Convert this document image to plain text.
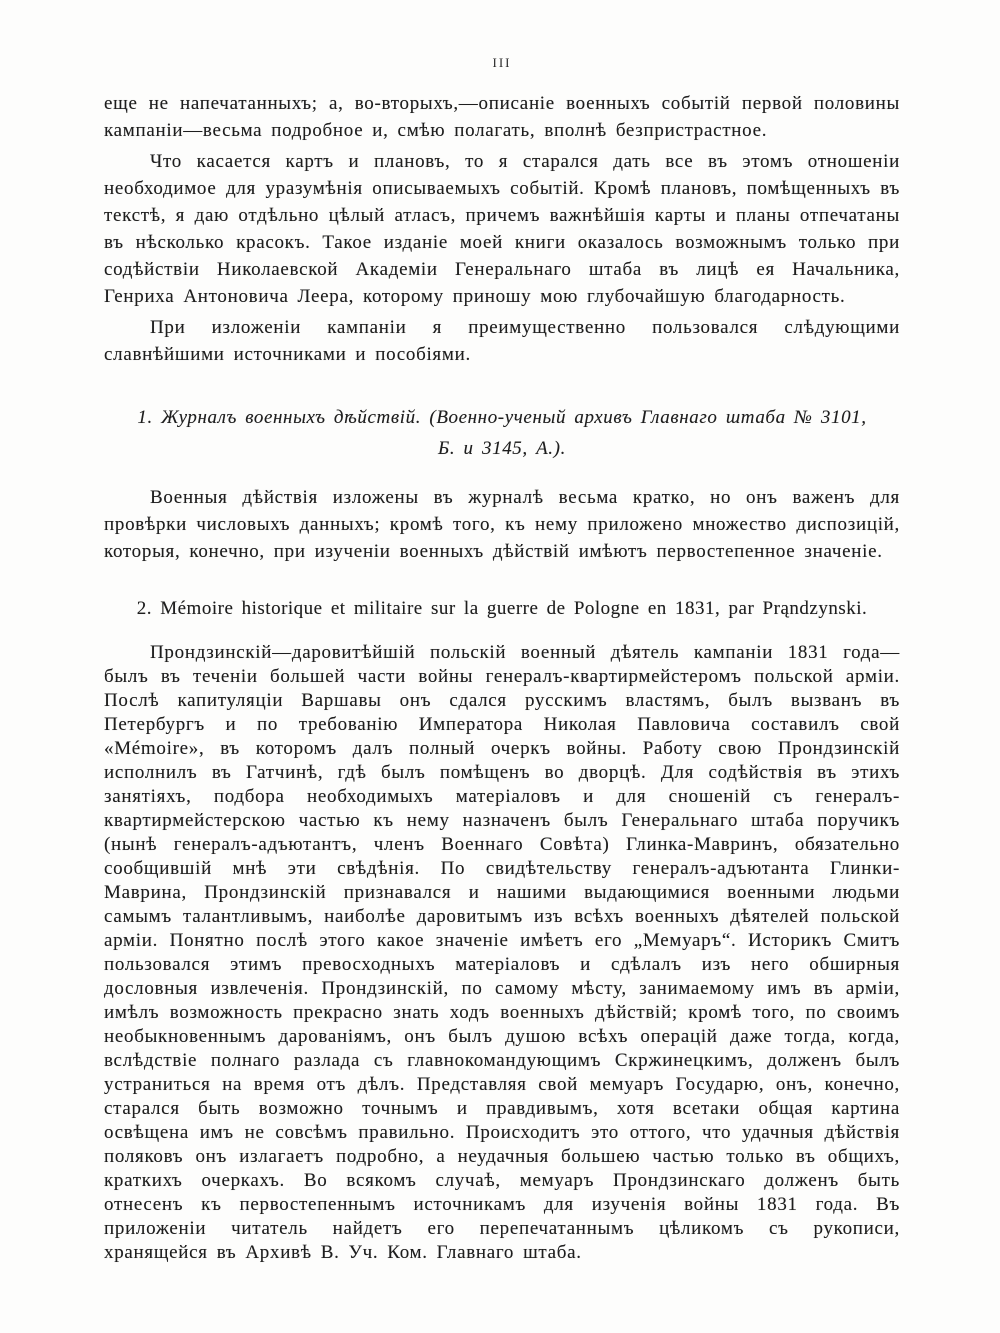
III

еще не напечатанныхъ; а, во-вторыхъ,—описаніе военныхъ событій первой половины кампаніи—весьма подробное и, смѣю полагать, вполнѣ безпристрастное.

Что касается картъ и плановъ, то я старался дать все въ этомъ отношеніи необходимое для уразумѣнія описываемыхъ событій. Кромѣ плановъ, помѣщенныхъ въ текстѣ, я даю отдѣльно цѣлый атласъ, причемъ важнѣйшія карты и планы отпечатаны въ нѣсколько красокъ. Такое изданіе моей книги оказалось возможнымъ только при содѣйствіи Николаевской Академіи Генеральнаго штаба въ лицѣ ея Начальника, Генриха Антоновича Леера, которому приношу мою глубочайшую благодарность.

При изложеніи кампаніи я преимущественно пользовался слѣдующими славнѣйшими источниками и пособіями.

1. Журналъ военныхъ дѣйствій. (Военно-ученый архивъ Главнаго штаба № 3101,
Б. и 3145, А.).

Военныя дѣйствія изложены въ журналѣ весьма кратко, но онъ важенъ для провѣрки числовыхъ данныхъ; кромѣ того, къ нему приложено множество диспозицій, которыя, конечно, при изученіи военныхъ дѣйствій имѣютъ первостепенное значеніе.

2. Mémoire historique et militaire sur la guerre de Pologne en 1831, par Prąndzynski.

Прондзинскій—даровитѣйшій польскій военный дѣятель кампаніи 1831 года—былъ въ теченіи большей части войны генералъ-квартирмейстеромъ польской арміи. Послѣ капитуляціи Варшавы онъ сдался русскимъ властямъ, былъ вызванъ въ Петербургъ и по требованію Императора Николая Павловича составилъ свой «Mémoire», въ которомъ далъ полный очеркъ войны. Работу свою Прондзинскій исполнилъ въ Гатчинѣ, гдѣ былъ помѣщенъ во дворцѣ. Для содѣйствія въ этихъ занятіяхъ, подбора необходимыхъ матеріаловъ и для сношеній съ генералъ-квартирмейстерскою частью къ нему назначенъ былъ Генеральнаго штаба поручикъ (нынѣ генералъ-адъютантъ, членъ Военнаго Совѣта) Глинка-Мавринъ, обязательно сообщившій мнѣ эти свѣдѣнія. По свидѣтельству генералъ-адъютанта Глинки-Маврина, Прондзинскій признавался и нашими выдающимися военными людьми самымъ талантливымъ, наиболѣе даровитымъ изъ всѣхъ военныхъ дѣятелей польской арміи. Понятно послѣ этого какое значеніе имѣетъ его „Мемуаръ“. Историкъ Смитъ пользовался этимъ превосходныхъ матеріаловъ и сдѣлалъ изъ него обширныя дословныя извлеченія. Прондзинскій, по самому мѣсту, занимаемому имъ въ арміи, имѣлъ возможность прекрасно знать ходъ военныхъ дѣйствій; кромѣ того, по своимъ необыкновеннымъ дарованіямъ, онъ былъ душою всѣхъ операцій даже тогда, когда, вслѣдствіе полнаго разлада съ главнокомандующимъ Скржинецкимъ, долженъ былъ устраниться на время отъ дѣлъ. Представляя свой мемуаръ Государю, онъ, конечно, старался быть возможно точнымъ и правдивымъ, хотя всетаки общая картина освѣщена имъ не совсѣмъ правильно. Происходитъ это оттого, что удачныя дѣйствія поляковъ онъ излагаетъ подробно, а неудачныя большею частью только въ общихъ, краткихъ очеркахъ. Во всякомъ случаѣ, мемуаръ Прондзинскаго долженъ быть отнесенъ къ первостепеннымъ источникамъ для изученія войны 1831 года. Въ приложеніи читатель найдетъ его перепечатаннымъ цѣликомъ съ рукописи, хранящейся въ Архивѣ В. Уч. Ком. Главнаго штаба.
